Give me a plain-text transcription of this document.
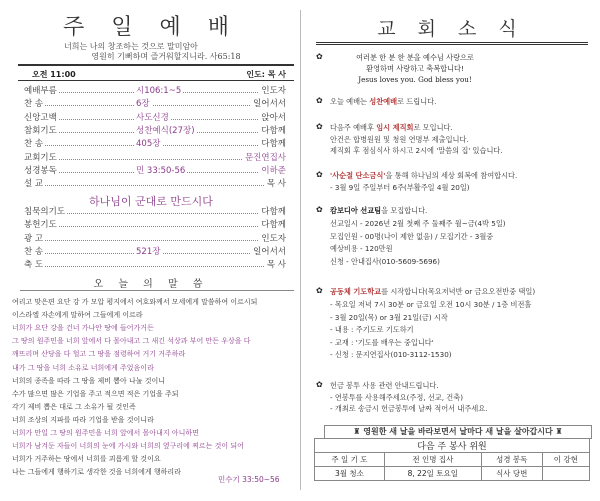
주 일 예 배
너희는 나의 창조하는 것으로 말미암아
영원히 기뻐하며 즐거워할지니라. 사65:18
오전 11:00	인도: 목 사
예배부름	시106:1~5	인도자
찬 송	6장	일어서서
신앙고백	사도신경	앉아서
참회기도	성찬예식(27장)	다함께
찬 송	405장	다함께
교회기도	문진연집사
성경봉독	민 33:50-56	이하준
설 교	목 사
하나님이 군대로 만드시다
침묵의기도	다함께
봉헌기도	다함께
광 고	인도자
찬 송	521장	일어서서
축 도	목 사
오 늘 의 말 씀
여리고 맞은편 요단 강 가 모압 평지에서 여호와께서 모세에게 말씀하여 이르시되
이스라엘 자손에게 말하여 그들에게 이르라
너희가 요단 강을 건너 가나안 땅에 들어가거든
그 땅의 원주민을 너희 앞에서 다 몰아내고 그 새긴 석상과 부어 만든 우상을 다
깨뜨리며 산당을 다 헐고 그 땅을 점령하여 거기 거주하라
내가 그 땅을 너희 소유로 너희에게 주었음이라
너희의 종족을 따라 그 땅을 제비 뽑아 나눌 것이니
수가 많으면 많은 기업을 주고 적으면 적은 기업을 주되
각기 제비 뽑은 대로 그 소유가 될 것인즉
너희 조상의 지파를 따라 기업을 받을 것이니라
너희가 만일 그 땅의 원주민을 너희 앞에서 몰아내지 아니하면
너희가 남겨둔 자들이 너희의 눈에 가시와 너희의 옆구리에 찌르는 것이 되어
너희가 거주하는 땅에서 너희를 괴롭게 할 것이요
나는 그들에게 행하기로 생각한 것을 너희에게 행하리라
민수기 33:50~56
교 회 소 식
✿	여러분 한 분 한 분을 예수님 사랑으로
환영하며 사랑하고 축복합니다!
Jesus loves you. God bless you!
✿ 오늘 예배는 성찬예배로 드립니다.
✿ 다음주 예배후 임시 제직회로 모입니다.
안건은 합병원원 및 청원 연명부 제출입니다.
제직회 후 점심식사 하시고 2시에 '말씀의 집' 있습니다.
✿ '사순절 단소금식'을 통해 하나님의 세상 회복에 참여합시다.
- 3월 9일 주일부터 6주(부활주일 4월 20일)
✿ 캄보디아 선교팀을 모집합니다.
선교일시 - 2026년 2월 첫째 주 둘째주 월~금(4박 5일)
모집인원 - 00명(나이 제한 없음) / 모집기간 - 3월중
예상비용 - 120만원
신청 - 안내집사(010-5609-5696)
✿ 공동체 기도학교를 시작합니다(목요저녁반 or 금요오전반중 택일)
- 목요일 저녁 7시 30분 or 금요일 오전 10시 30분 / 1층 비전홀
- 3월 20일(목) or 3월 21일(금) 시작
- 내용 : 주기도로 기도하기
- 교재 : '기도를 배우는 중입니다'
- 신청 : 문지연집사(010-3112-1530)
✿ 헌금 봉투 사용 관련 안내드립니다.
- 연봉투를 사용해주세요(주정, 선교, 건축)
- 개최로 송금시 헌금봉투에 날짜 적어서 내주세요.
♜ 영원한 새 날을 바라보면서 날마다 새 날을 살아갑시다 ♜
다음 주 봉사 위원			
주 일 기 도	전 인명 집사	성경 봉독	이 강현
3월 청소	8, 22일 토요일	식사 당번	
